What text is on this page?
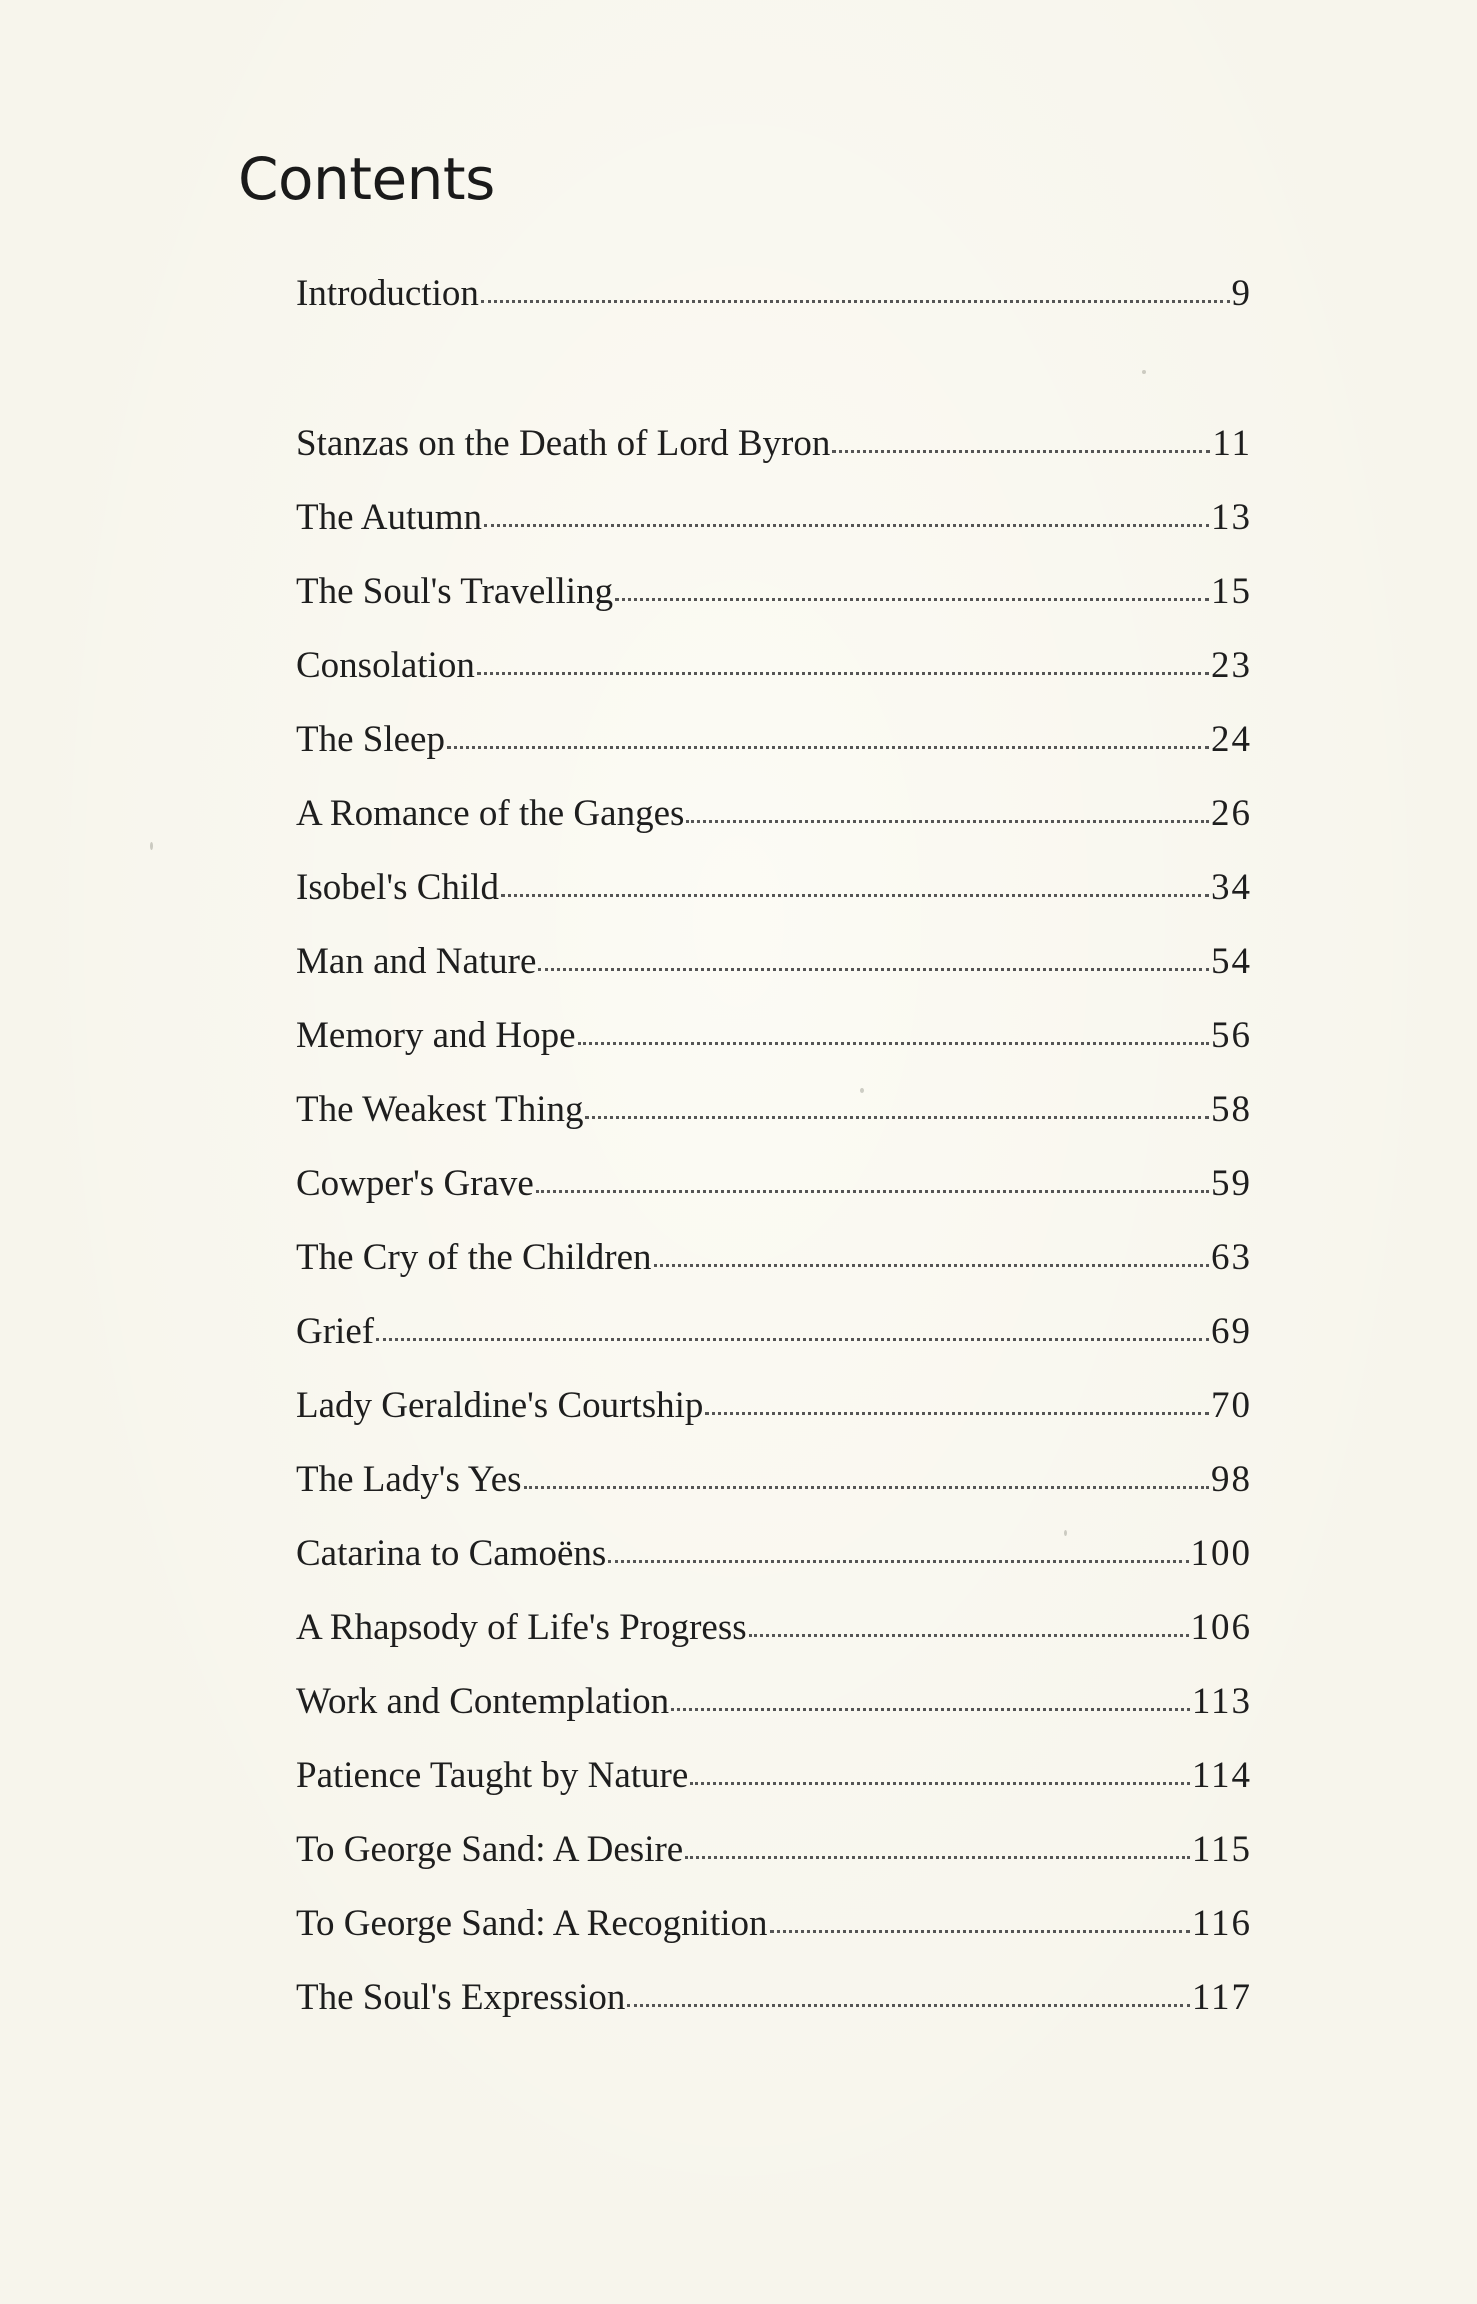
Contents
Introduction	9
Stanzas on the Death of Lord Byron	11
The Autumn	13
The Soul's Travelling	15
Consolation	23
The Sleep	24
A Romance of the Ganges	26
Isobel's Child	34
Man and Nature	54
Memory and Hope	56
The Weakest Thing	58
Cowper's Grave	59
The Cry of the Children	63
Grief	69
Lady Geraldine's Courtship	70
The Lady's Yes	98
Catarina to Camoëns	100
A Rhapsody of Life's Progress	106
Work and Contemplation	113
Patience Taught by Nature	114
To George Sand: A Desire	115
To George Sand: A Recognition	116
The Soul's Expression	117
